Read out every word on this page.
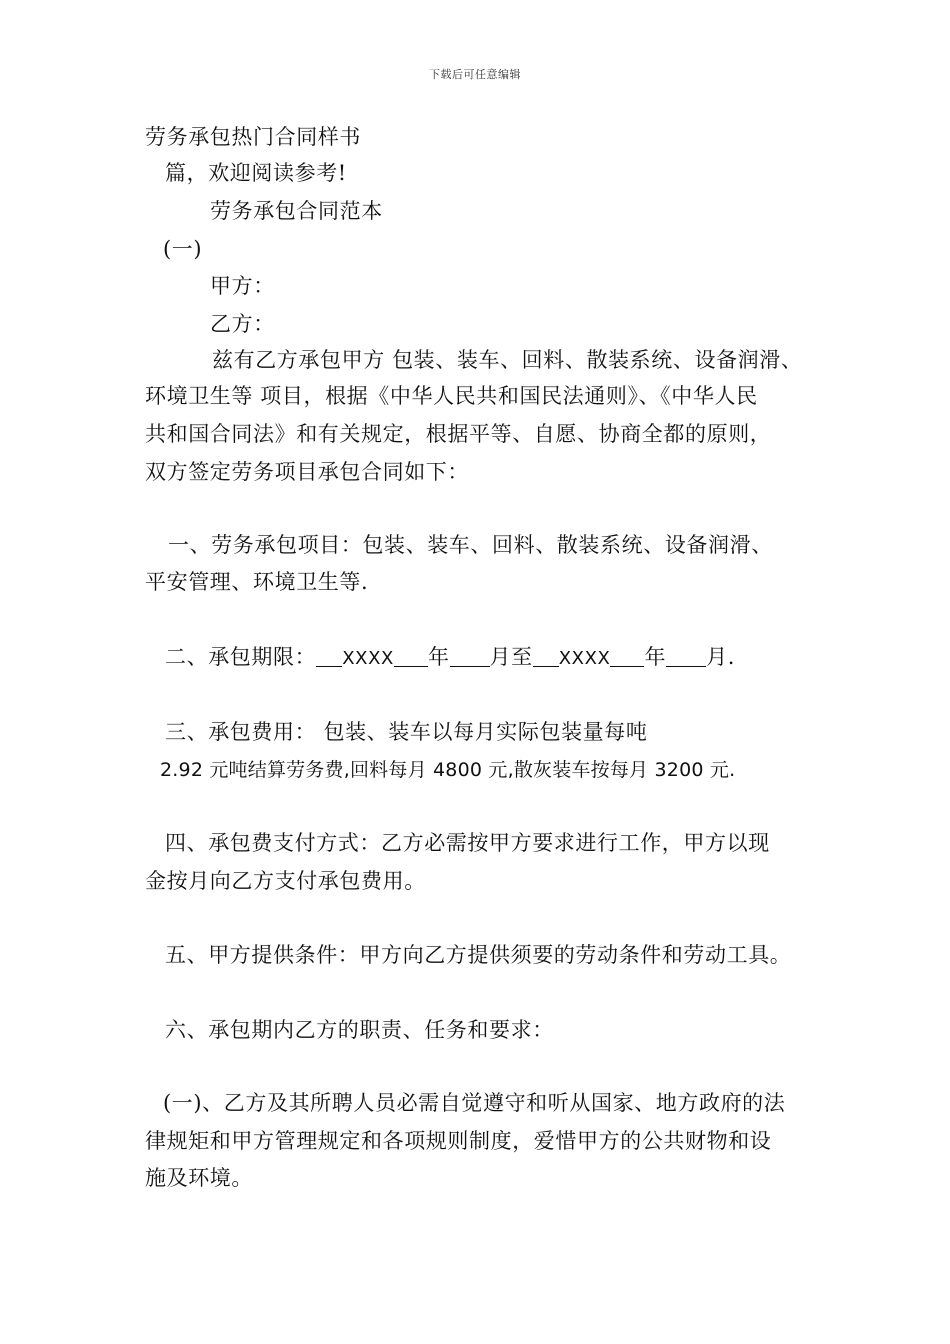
下载后可任意编辑
劳务承包热门合同样书
篇，欢迎阅读参考!
劳务承包合同范本
(一)
甲方：
乙方：
兹有乙方承包甲方 包装、装车、回料、散装系统、设备润滑、
环境卫生等 项目，根据《中华人民共和国民法通则》、《中华人民
共和国合同法》和有关规定，根据平等、自愿、协商全都的原则，
双方签定劳务项目承包合同如下：
一、劳务承包项目：包装、装车、回料、散装系统、设备润滑、
平安管理、环境卫生等.
二、承包期限： XXXX 年 月至 XXXX 年 月.
三、承包费用： 包装、装车以每月实际包装量每吨
2.92 元吨结算劳务费,回料每月 4800 元,散灰装车按每月 3200 元.
四、承包费支付方式：乙方必需按甲方要求进行工作，甲方以现
金按月向乙方支付承包费用。
五、甲方提供条件：甲方向乙方提供须要的劳动条件和劳动工具。
六、承包期内乙方的职责、任务和要求：
(一)、乙方及其所聘人员必需自觉遵守和听从国家、地方政府的法
律规矩和甲方管理规定和各项规则制度，爱惜甲方的公共财物和设
施及环境。
